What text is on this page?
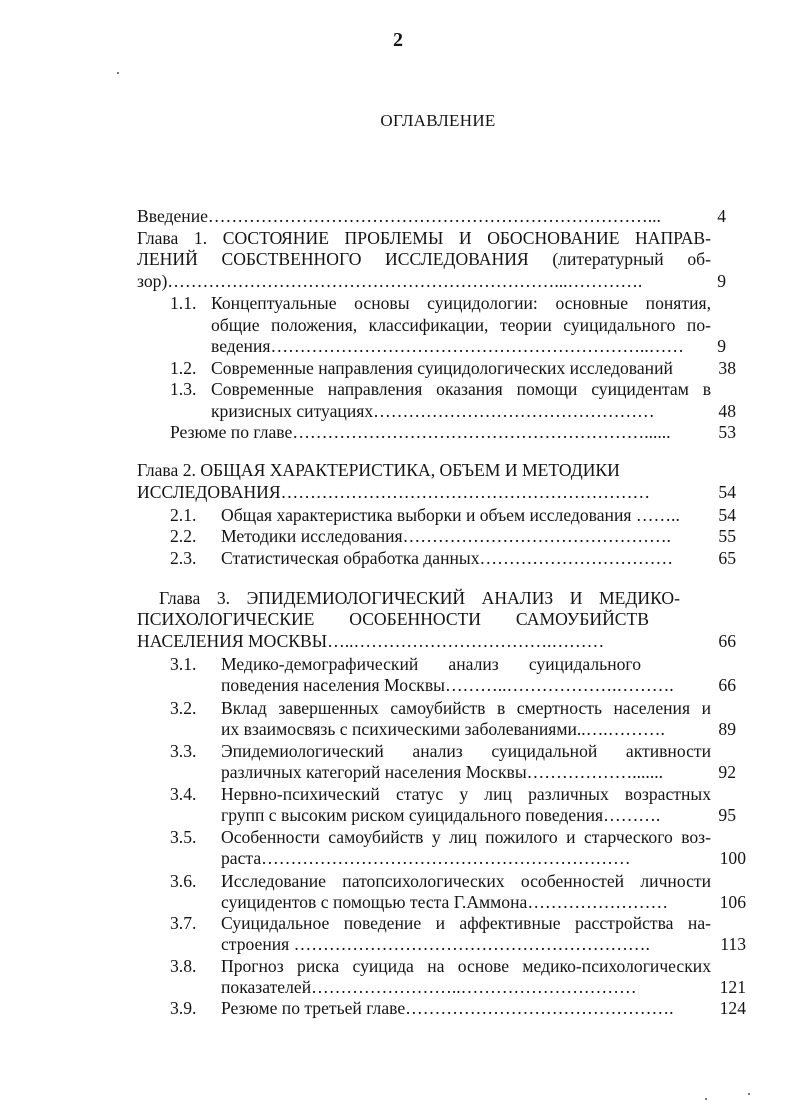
2
ОГЛАВЛЕНИЕ
Введение…………………………………………………………………...	4
Глава 1. СОСТОЯНИЕ ПРОБЛЕМЫ И ОБОСНОВАНИЕ НАПРАВ-
ЛЕНИЙ СОБСТВЕННОГО ИССЛЕДОВАНИЯ (литературный об-
зор)…………………………………………………………...………….	9
1.1. Концептуальные основы суицидологии: основные понятия,
общие положения, классификации, теории суицидального по-
ведения………………………………………………………..……	9
1.2. Современные направления суицидологических исследований	38
1.3. Современные направления оказания помощи суицидентам в
кризисных ситуациях…………………………………………	48
Резюме по главе……………………………………………………......	53
Глава 2. ОБЩАЯ ХАРАКТЕРИСТИКА, ОБЪЕМ И МЕТОДИКИ
ИССЛЕДОВАНИЯ………………………………………………………	54
2.1. Общая характеристика выборки и объем исследования ……..	54
2.2. Методики исследования……………………………………….	55
2.3. Статистическая обработка данных……………………………	65
Глава 3. ЭПИДЕМИОЛОГИЧЕСКИЙ АНАЛИЗ И МЕДИКО-
ПСИХОЛОГИЧЕСКИЕ ОСОБЕННОСТИ САМОУБИЙСТВ
НАСЕЛЕНИЯ МОСКВЫ…..…………………………….………	66
3.1. Медико-демографический анализ суицидального
поведения населения Москвы………..……………….……….	66
3.2. Вклад завершенных самоубийств в смертность населения и
их взаимосвязь с психическими заболеваниями..….……….	89
3.3. Эпидемиологический анализ суицидальной активности
различных категорий населения Москвы……………….......	92
3.4. Нервно-психический статус у лиц различных возрастных
групп с высоким риском суицидального поведения……….	95
3.5. Особенности самоубийств у лиц пожилого и старческого воз-
раста………………………………………………………	100
3.6. Исследование патопсихологических особенностей личности
суицидентов с помощью теста Г.Аммона……………………	106
3.7. Суицидальное поведение и аффективные расстройства на-
строения …………………………………………………….	113
3.8. Прогноз риска суицида на основе медико-психологических
показателей……………………..…………………………	121
3.9. Резюме по третьей главе……………………………………….	124
